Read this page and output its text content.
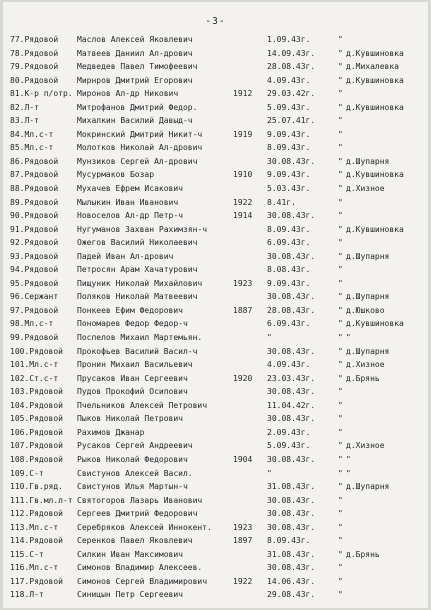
-3-
77.Рядовой Маслов Алексей Яковлевич	1.09.43г.	"
78.Рядовой Матвеев Даниил Ал-дрович	14.09.43г.	" д.Кувшиновка
79.Рядовой Медведев Павел Тимофеевич	28.08.43г.	" д.Михалевка
80.Рядовой Мирнров Дмитрий Егорович	4.09.43г.	" д.Кувшиновка
81.К-р п/отр. Миронов Ал-др Никович	1912 29.03.42г.	"
82.Л-т	Митрофанов Дмитрий Федор.	5.09.43г.	" д.Кувшиновка
83.Л-т	Михалкин Василий Давыд-ч	25.07.41г.	"
84.Мл.с-т	Мокринский Дмитрий Никит-ч	1919 9.09.43г.	"
85.Мл.с-т	Молотков Николай Ал-дрович	8.09.43г.	"
86.Рядовой Мунзиков Сергей Ал-дрович	30.08.43г.	" д.Шупарня
87.Рядовой Мусурмаков Бозар	1910 9.09.43г.	" д.Кувшиновка
88.Рядовой Мухачев Ефрем Исакович	5.03.43г.	" д.Хизное
89.Рядовой Мылыкин Иван Иванович	1922 8.41г.	"
90.Рядовой Новоселов Ал-др Петр-ч	1914 30.08.43г.	"
91.Рядовой Нугуманов Захван Рахимзян-ч	8.09.43г.	" д.Кувшиновка
92.Рядовой Ожегов Василий Николаевич	6.09.43г.	"
93.Рядовой Падей Иван Ал-дрович	30.08.43г.	" д.Шупарня
94.Рядовой Петросян Арам Хачатурович	8.08.43г.	"
95.Рядовой Пищуник Николай Михайлович	1923 9.09.43г.	"
96.Сержант Поляков Николай Матвеевич	30.08.43г.	" д.Шупарня
97.Рядовой Понкеев Ефим Федорович	1887 28.08.43г.	" д.Юшково
98.Мл.с-т	Пономарев Федор Федор-ч	6.09.43г.	" д.Кувшиновка
99.Рядовой Поспелов Михаил Мартемьян.	"	" "
100.Рядовой Прокофьев Василий Васил-ч	30.08.43г.	" д.Шупарня
101.Мл.с-т Пронин Михаил Васильевич	4.09.43г.	" д.Хизное
102.Ст.с-т Прусаков Иван Сергеевич	1920 23.03.43г.	" д.Брянь
103.Рядовой Пудов Прокофий Осипович	30.08.43г.	"
104.Рядовой Пчельников Алексей Петрович	11.04.42г.	"
105.Рядовой Пыков Николай Петрович	30.08.43г.	"
106.Рядовой Рахимов Джанар	2.09.43г.	"
107.Рядовой Русаков Сергей Андреевич	5.09.43г.	" д.Хизное
108.Рядовой Рыков Николай Федорович	1904 30.08.43г.	" "
109.С-т	Свистунов Алексей Васил.	"	" "
110.Гв.ряд. Свистунов Илья Мартын-ч	31.08.43г.	" д.Шупарня
111.Гв.мл.л-т Святогоров Лазарь Иванович	30.08.43г.	"
112.Рядовой Сергеев Дмитрий Федорович	30.08.43г.	"
113.Мл.с-т Серебряков Алексей Иннокент.	1923 30.08.43г.	"
114.Рядовой Серенков Павел Яковлевич	1897 8.09.43г.	"
115.С-т	Силкин Иван Максимович	31.08.43г.	" д.Брянь
116.Мл.с-т Симонов Владимир Алексеев.	30.08.43г.	"
117.Рядовой Симонов Сергей Владимирович	1922 14.06.43г.	"
118.Л-т	Синицын Петр Сергеевич	29.08.43г.	"
